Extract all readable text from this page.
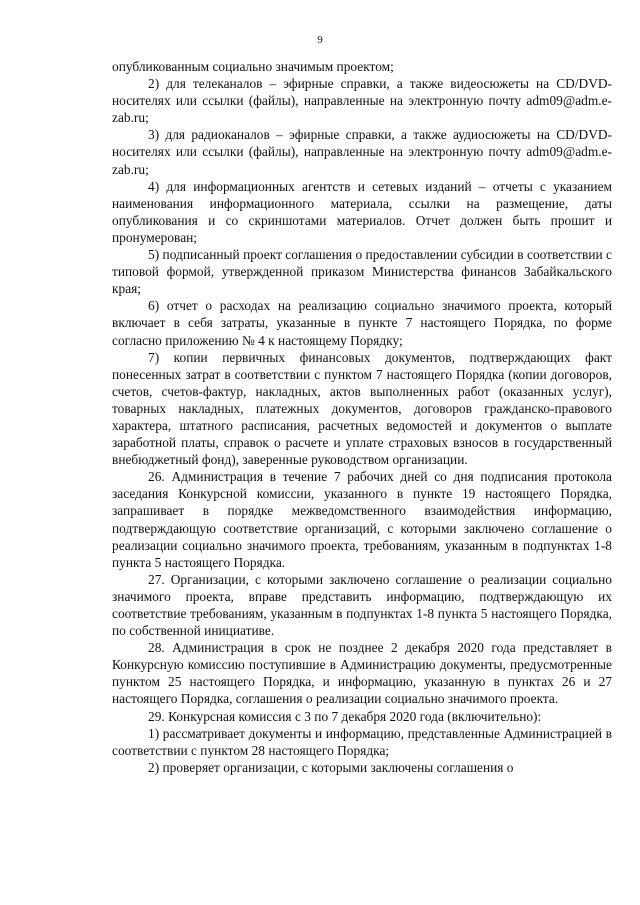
9

опубликованным социально значимым проектом;

2) для телеканалов – эфирные справки, а также видеосюжеты на CD/DVD-носителях или ссылки (файлы), направленные на электронную почту adm09@adm.e-zab.ru;

3) для радиоканалов – эфирные справки, а также аудиосюжеты на CD/DVD-носителях или ссылки (файлы), направленные на электронную почту adm09@adm.e-zab.ru;

4) для информационных агентств и сетевых изданий – отчеты с указанием наименования информационного материала, ссылки на размещение, даты опубликования и со скриншотами материалов. Отчет должен быть прошит и пронумерован;

5) подписанный проект соглашения о предоставлении субсидии в соответствии с типовой формой, утвержденной приказом Министерства финансов Забайкальского края;

6) отчет о расходах на реализацию социально значимого проекта, который включает в себя затраты, указанные в пункте 7 настоящего Порядка, по форме согласно приложению № 4 к настоящему Порядку;

7) копии первичных финансовых документов, подтверждающих факт понесенных затрат в соответствии с пунктом 7 настоящего Порядка (копии договоров, счетов, счетов-фактур, накладных, актов выполненных работ (оказанных услуг), товарных накладных, платежных документов, договоров гражданско-правового характера, штатного расписания, расчетных ведомостей и документов о выплате заработной платы, справок о расчете и уплате страховых взносов в государственный внебюджетный фонд), заверенные руководством организации.

26. Администрация в течение 7 рабочих дней со дня подписания протокола заседания Конкурсной комиссии, указанного в пункте 19 настоящего Порядка, запрашивает в порядке межведомственного взаимодействия информацию, подтверждающую соответствие организаций, с которыми заключено соглашение о реализации социально значимого проекта, требованиям, указанным в подпунктах 1-8 пункта 5 настоящего Порядка.

27. Организации, с которыми заключено соглашение о реализации социально значимого проекта, вправе представить информацию, подтверждающую их соответствие требованиям, указанным в подпунктах 1-8 пункта 5 настоящего Порядка, по собственной инициативе.

28. Администрация в срок не позднее 2 декабря 2020 года представляет в Конкурсную комиссию поступившие в Администрацию документы, предусмотренные пунктом 25 настоящего Порядка, и информацию, указанную в пунктах 26 и 27 настоящего Порядка, соглашения о реализации социально значимого проекта.

29. Конкурсная комиссия с 3 по 7 декабря 2020 года (включительно):

1) рассматривает документы и информацию, представленные Администрацией в соответствии с пунктом 28 настоящего Порядка;

2) проверяет организации, с которыми заключены соглашения о
